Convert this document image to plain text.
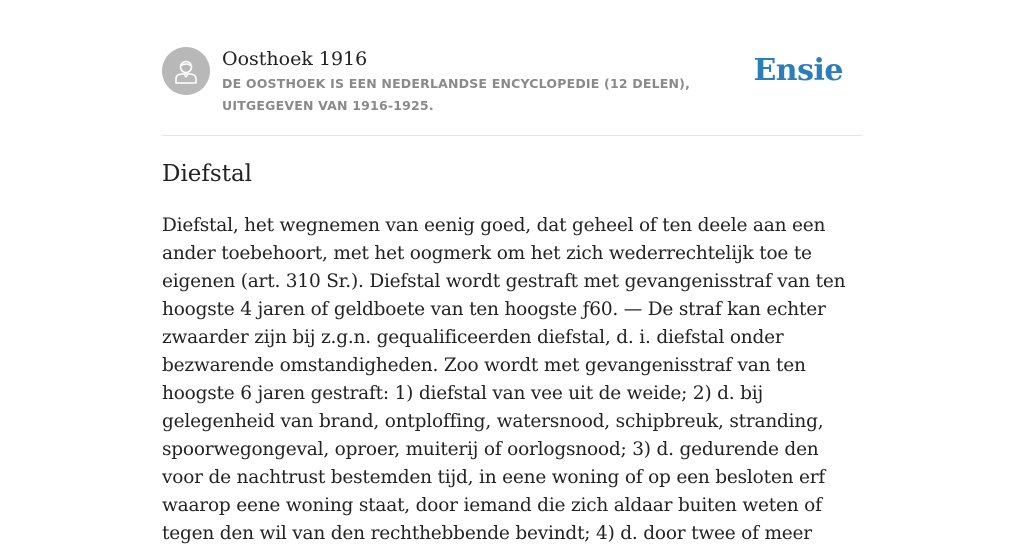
Oosthoek 1916
DE OOSTHOEK IS EEN NEDERLANDSE ENCYCLOPEDIE (12 DELEN), UITGEGEVEN VAN 1916-1925.
Ensie
Diefstal

Diefstal, het wegnemen van eenig goed, dat geheel of ten deele aan een ander toebehoort, met het oogmerk om het zich wederrechtelijk toe te eigenen (art. 310 Sr.). Diefstal wordt gestraft met gevangenisstraf van ten hoogste 4 jaren of geldboete van ten hoogste ƒ60. — De straf kan echter zwaarder zijn bij z.g.n. gequalificeerden diefstal, d. i. diefstal onder bezwarende omstandigheden. Zoo wordt met gevangenisstraf van ten hoogste 6 jaren gestraft: 1) diefstal van vee uit de weide; 2) d. bij gelegenheid van brand, ontploffing, watersnood, schipbreuk, stranding, spoorwegongeval, oproer, muiterij of oorlogsnood; 3) d. gedurende den voor de nachtrust bestemden tijd, in eene woning of op een besloten erf waarop eene woning staat, door iemand die zich aldaar buiten weten of tegen den wil van den rechthebbende bevindt; 4) d. door twee of meer
